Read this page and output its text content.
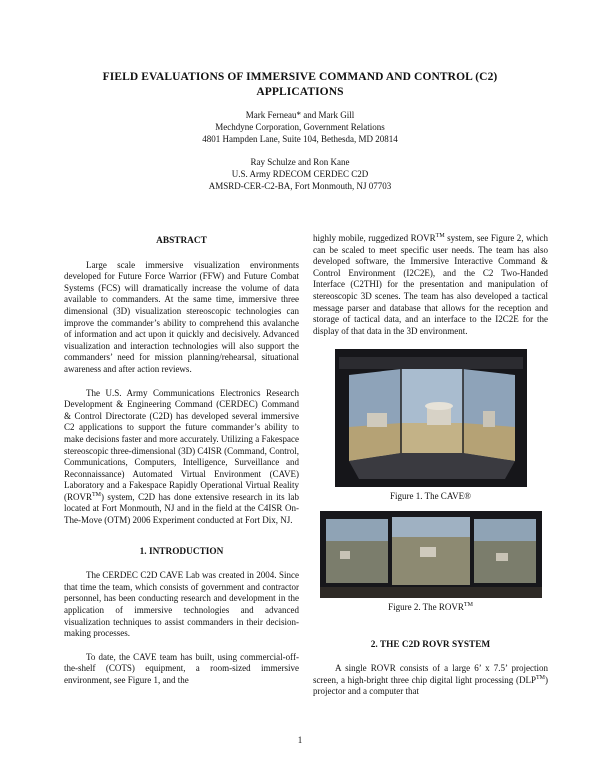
FIELD EVALUATIONS OF IMMERSIVE COMMAND AND CONTROL (C2)
APPLICATIONS
Mark Ferneau* and Mark Gill
Mechdyne Corporation, Government Relations
4801 Hampden Lane, Suite 104, Bethesda, MD 20814
Ray Schulze and Ron Kane
U.S. Army RDECOM CERDEC C2D
AMSRD-CER-C2-BA, Fort Monmouth, NJ 07703
ABSTRACT

Large scale immersive visualization environments developed for Future Force Warrior (FFW) and Future Combat Systems (FCS) will dramatically increase the volume of data available to commanders. At the same time, immersive three dimensional (3D) visualization stereoscopic technologies can improve the commander’s ability to comprehend this avalanche of information and act upon it quickly and decisively. Advanced visualization and interaction technologies will also support the commanders’ need for mission planning/rehearsal, situational awareness and after action reviews.

The U.S. Army Communications Electronics Research Development & Engineering Command (CERDEC) Command & Control Directorate (C2D) has developed several immersive C2 applications to support the future commander’s ability to make decisions faster and more accurately. Utilizing a Fakespace stereoscopic three-dimensional (3D) C4ISR (Command, Control, Communications, Computers, Intelligence, Surveillance and Reconnaissance) Automated Virtual Environment (CAVE) Laboratory and a Fakespace Rapidly Operational Virtual Reality (ROVR™) system, C2D has done extensive research in its lab located at Fort Monmouth, NJ and in the field at the C4ISR On-The-Move (OTM) 2006 Experiment conducted at Fort Dix, NJ.

1. INTRODUCTION

The CERDEC C2D CAVE Lab was created in 2004. Since that time the team, which consists of government and contractor personnel, has been conducting research and development in the application of immersive technologies and advanced visualization techniques to assist commanders in their decision-making processes.

To date, the CAVE team has built, using commercial-off-the-shelf (COTS) equipment, a room-sized immersive environment, see Figure 1, and the

highly mobile, ruggedized ROVR™ system, see Figure 2, which can be scaled to meet specific user needs. The team has also developed software, the Immersive Interactive Command & Control Environment (I2C2E), and the C2 Two-Handed Interface (C2THI) for the presentation and manipulation of stereoscopic 3D scenes. The team has also developed a tactical message parser and database that allows for the reception and storage of tactical data, and an interface to the I2C2E for the display of that data in the 3D environment.

Figure 1. The CAVE®
Figure 2. The ROVR™
2. THE C2D ROVR SYSTEM

A single ROVR consists of a large 6’ x 7.5’ projection screen, a high-bright three chip digital light processing (DLP™) projector and a computer that

1
